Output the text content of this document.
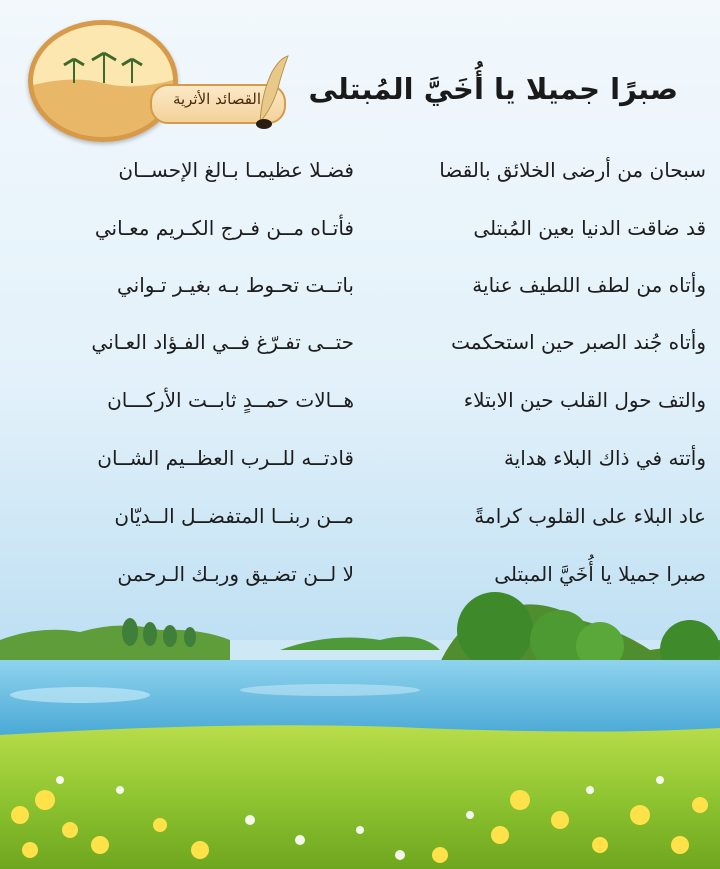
القصائد الأثرية	صبرًا جميلا يا أُخَيَّ المُبتلى
سبحان من أرضى الخلائق بالقضا
فضـلا عظيمـا بـالغ الإحســان
قد ضاقت الدنيا بعين المُبتلى
فأتـاه مــن فـرج الكـريم معـاني
وأتاه من لطف اللطيف عناية
باتــت تحـوط بـه بغيـر تـواني
وأتاه جُند الصبر حين استحكمت
حتــى تفـرّغ فــي الفـؤاد العـاني
والتف حول القلب حين الابتلاء
هــالات حمــدٍ ثابــت الأركـــان
وأتته في ذاك البلاء هداية
قادتــه للــرب العظــيم الشــان
عاد البلاء على القلوب كرامةً
مــن ربنــا المتفضــل الــديّان
صبرا جميلا يا أُخَيَّ المبتلى
لا لــن تضـيق وربـك الـرحمن
